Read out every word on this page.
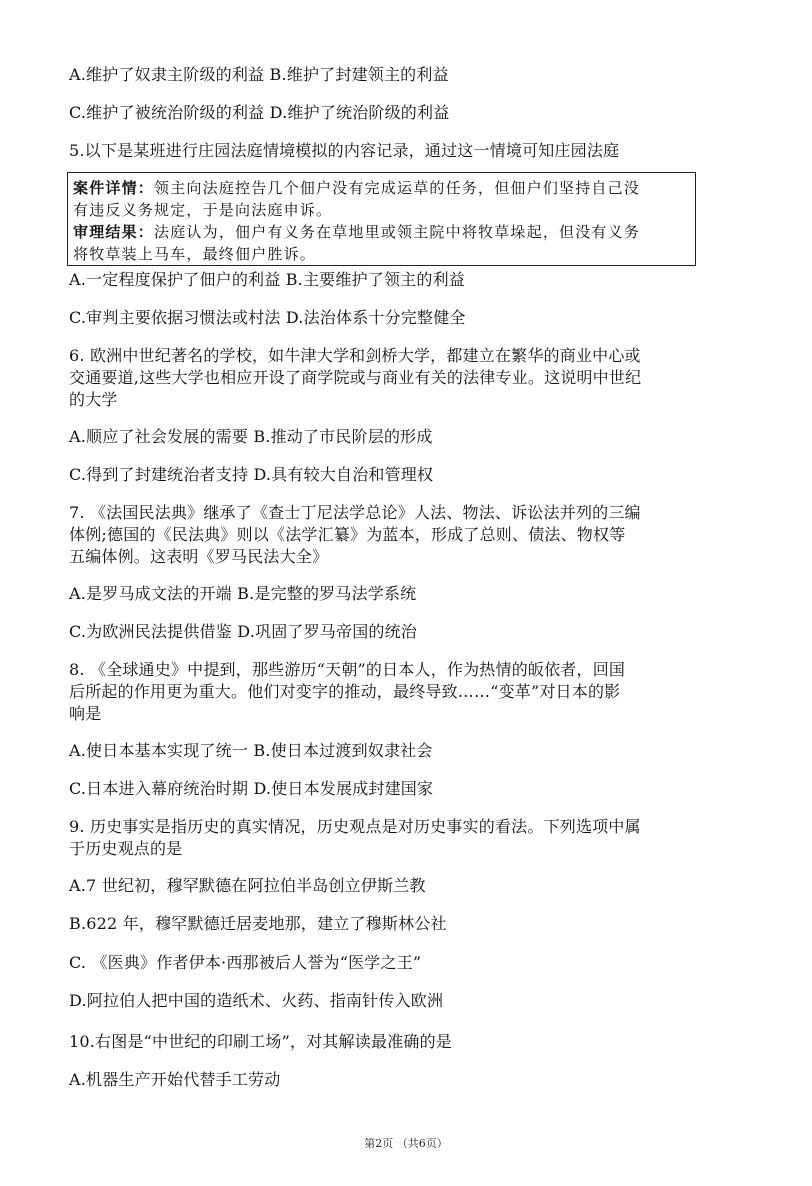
A.维护了奴隶主阶级的利益 B.维护了封建领主的利益
C.维护了被统治阶级的利益 D.维护了统治阶级的利益
5.以下是某班进行庄园法庭情境模拟的内容记录，通过这一情境可知庄园法庭
案件详情：领主向法庭控告几个佃户没有完成运草的任务，但佃户们坚持自己没
有违反义务规定，于是向法庭申诉。
审理结果：法庭认为，佃户有义务在草地里或领主院中将牧草垛起，但没有义务
将牧草装上马车，最终佃户胜诉。
A.一定程度保护了佃户的利益 B.主要维护了领主的利益
C.审判主要依据习惯法或村法 D.法治体系十分完整健全
6. 欧洲中世纪著名的学校，如牛津大学和剑桥大学，都建立在繁华的商业中心或
交通要道,这些大学也相应开设了商学院或与商业有关的法律专业。这说明中世纪
的大学
A.顺应了社会发展的需要 B.推动了市民阶层的形成
C.得到了封建统治者支持 D.具有较大自治和管理权
7. 《法国民法典》继承了《查士丁尼法学总论》人法、物法、诉讼法并列的三编
体例;德国的《民法典》则以《法学汇纂》为蓝本，形成了总则、债法、物权等
五编体例。这表明《罗马民法大全》
A.是罗马成文法的开端 B.是完整的罗马法学系统
C.为欧洲民法提供借鉴 D.巩固了罗马帝国的统治
8. 《全球通史》中提到，那些游历“天朝”的日本人，作为热情的皈依者，回国
后所起的作用更为重大。他们对变字的推动，最终导致……“变革”对日本的影
响是
A.使日本基本实现了统一 B.使日本过渡到奴隶社会
C.日本进入幕府统治时期 D.使日本发展成封建国家
9. 历史事实是指历史的真实情况，历史观点是对历史事实的看法。下列选项中属
于历史观点的是
A.7 世纪初，穆罕默德在阿拉伯半岛创立伊斯兰教
B.622 年，穆罕默德迁居麦地那，建立了穆斯林公社
C. 《医典》作者伊本·西那被后人誉为“医学之王”
D.阿拉伯人把中国的造纸术、火药、指南针传入欧洲
10.右图是“中世纪的印刷工场”，对其解读最准确的是
A.机器生产开始代替手工劳动
第2页 （共6页）
